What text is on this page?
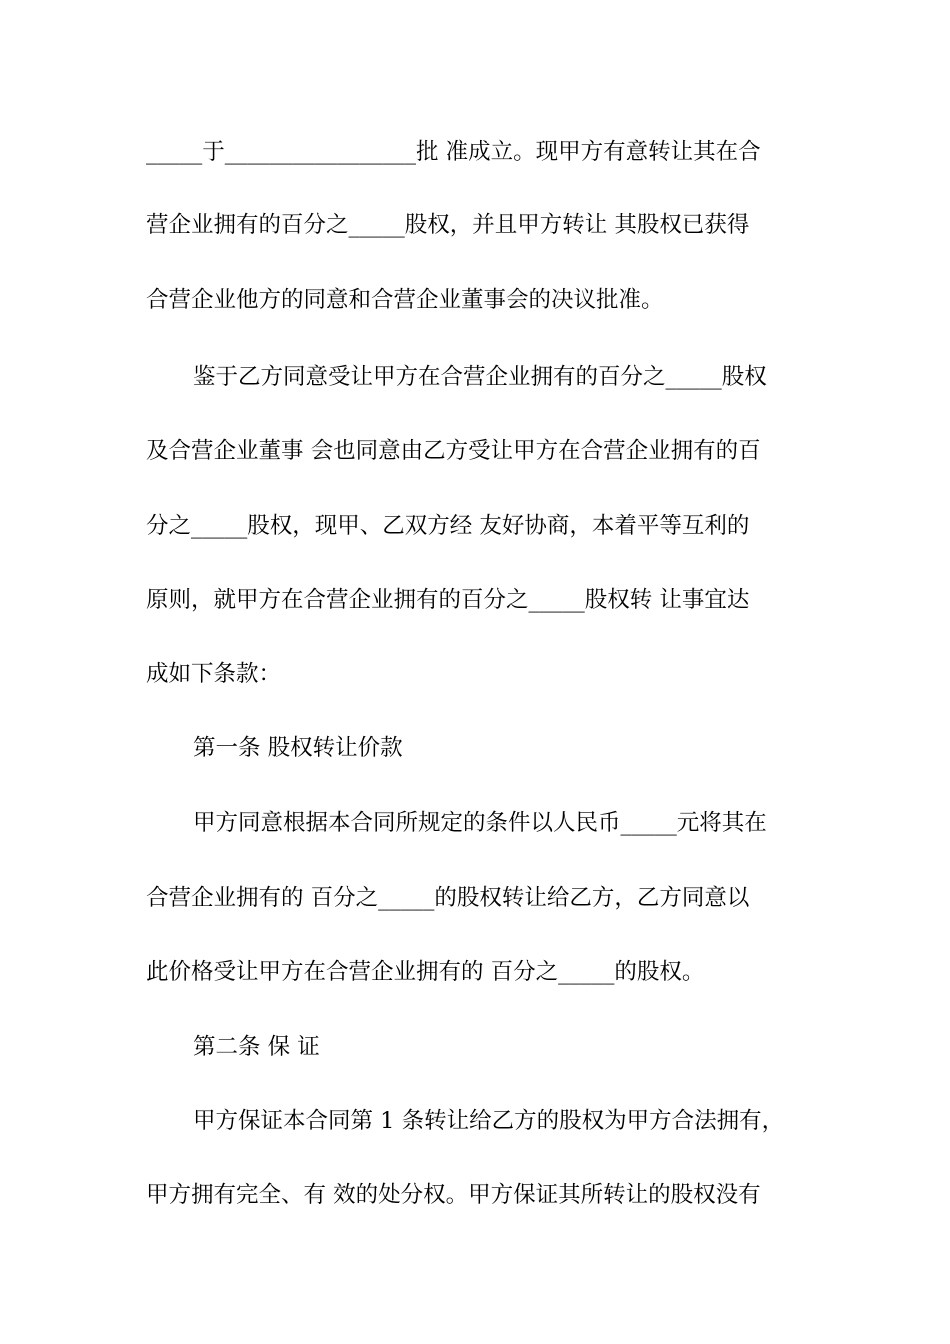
_____于_________________批 准成立。现甲方有意转让其在合

营企业拥有的百分之_____股权，并且甲方转让 其股权已获得

合营企业他方的同意和合营企业董事会的决议批准。

鉴于乙方同意受让甲方在合营企业拥有的百分之_____股权

及合营企业董事 会也同意由乙方受让甲方在合营企业拥有的百

分之_____股权，现甲、乙双方经 友好协商，本着平等互利的

原则，就甲方在合营企业拥有的百分之_____股权转 让事宜达

成如下条款：

第一条 股权转让价款

甲方同意根据本合同所规定的条件以人民币_____元将其在

合营企业拥有的 百分之_____的股权转让给乙方，乙方同意以

此价格受让甲方在合营企业拥有的 百分之_____的股权。

第二条 保 证

甲方保证本合同第 1 条转让给乙方的股权为甲方合法拥有，

甲方拥有完全、有 效的处分权。甲方保证其所转让的股权没有
